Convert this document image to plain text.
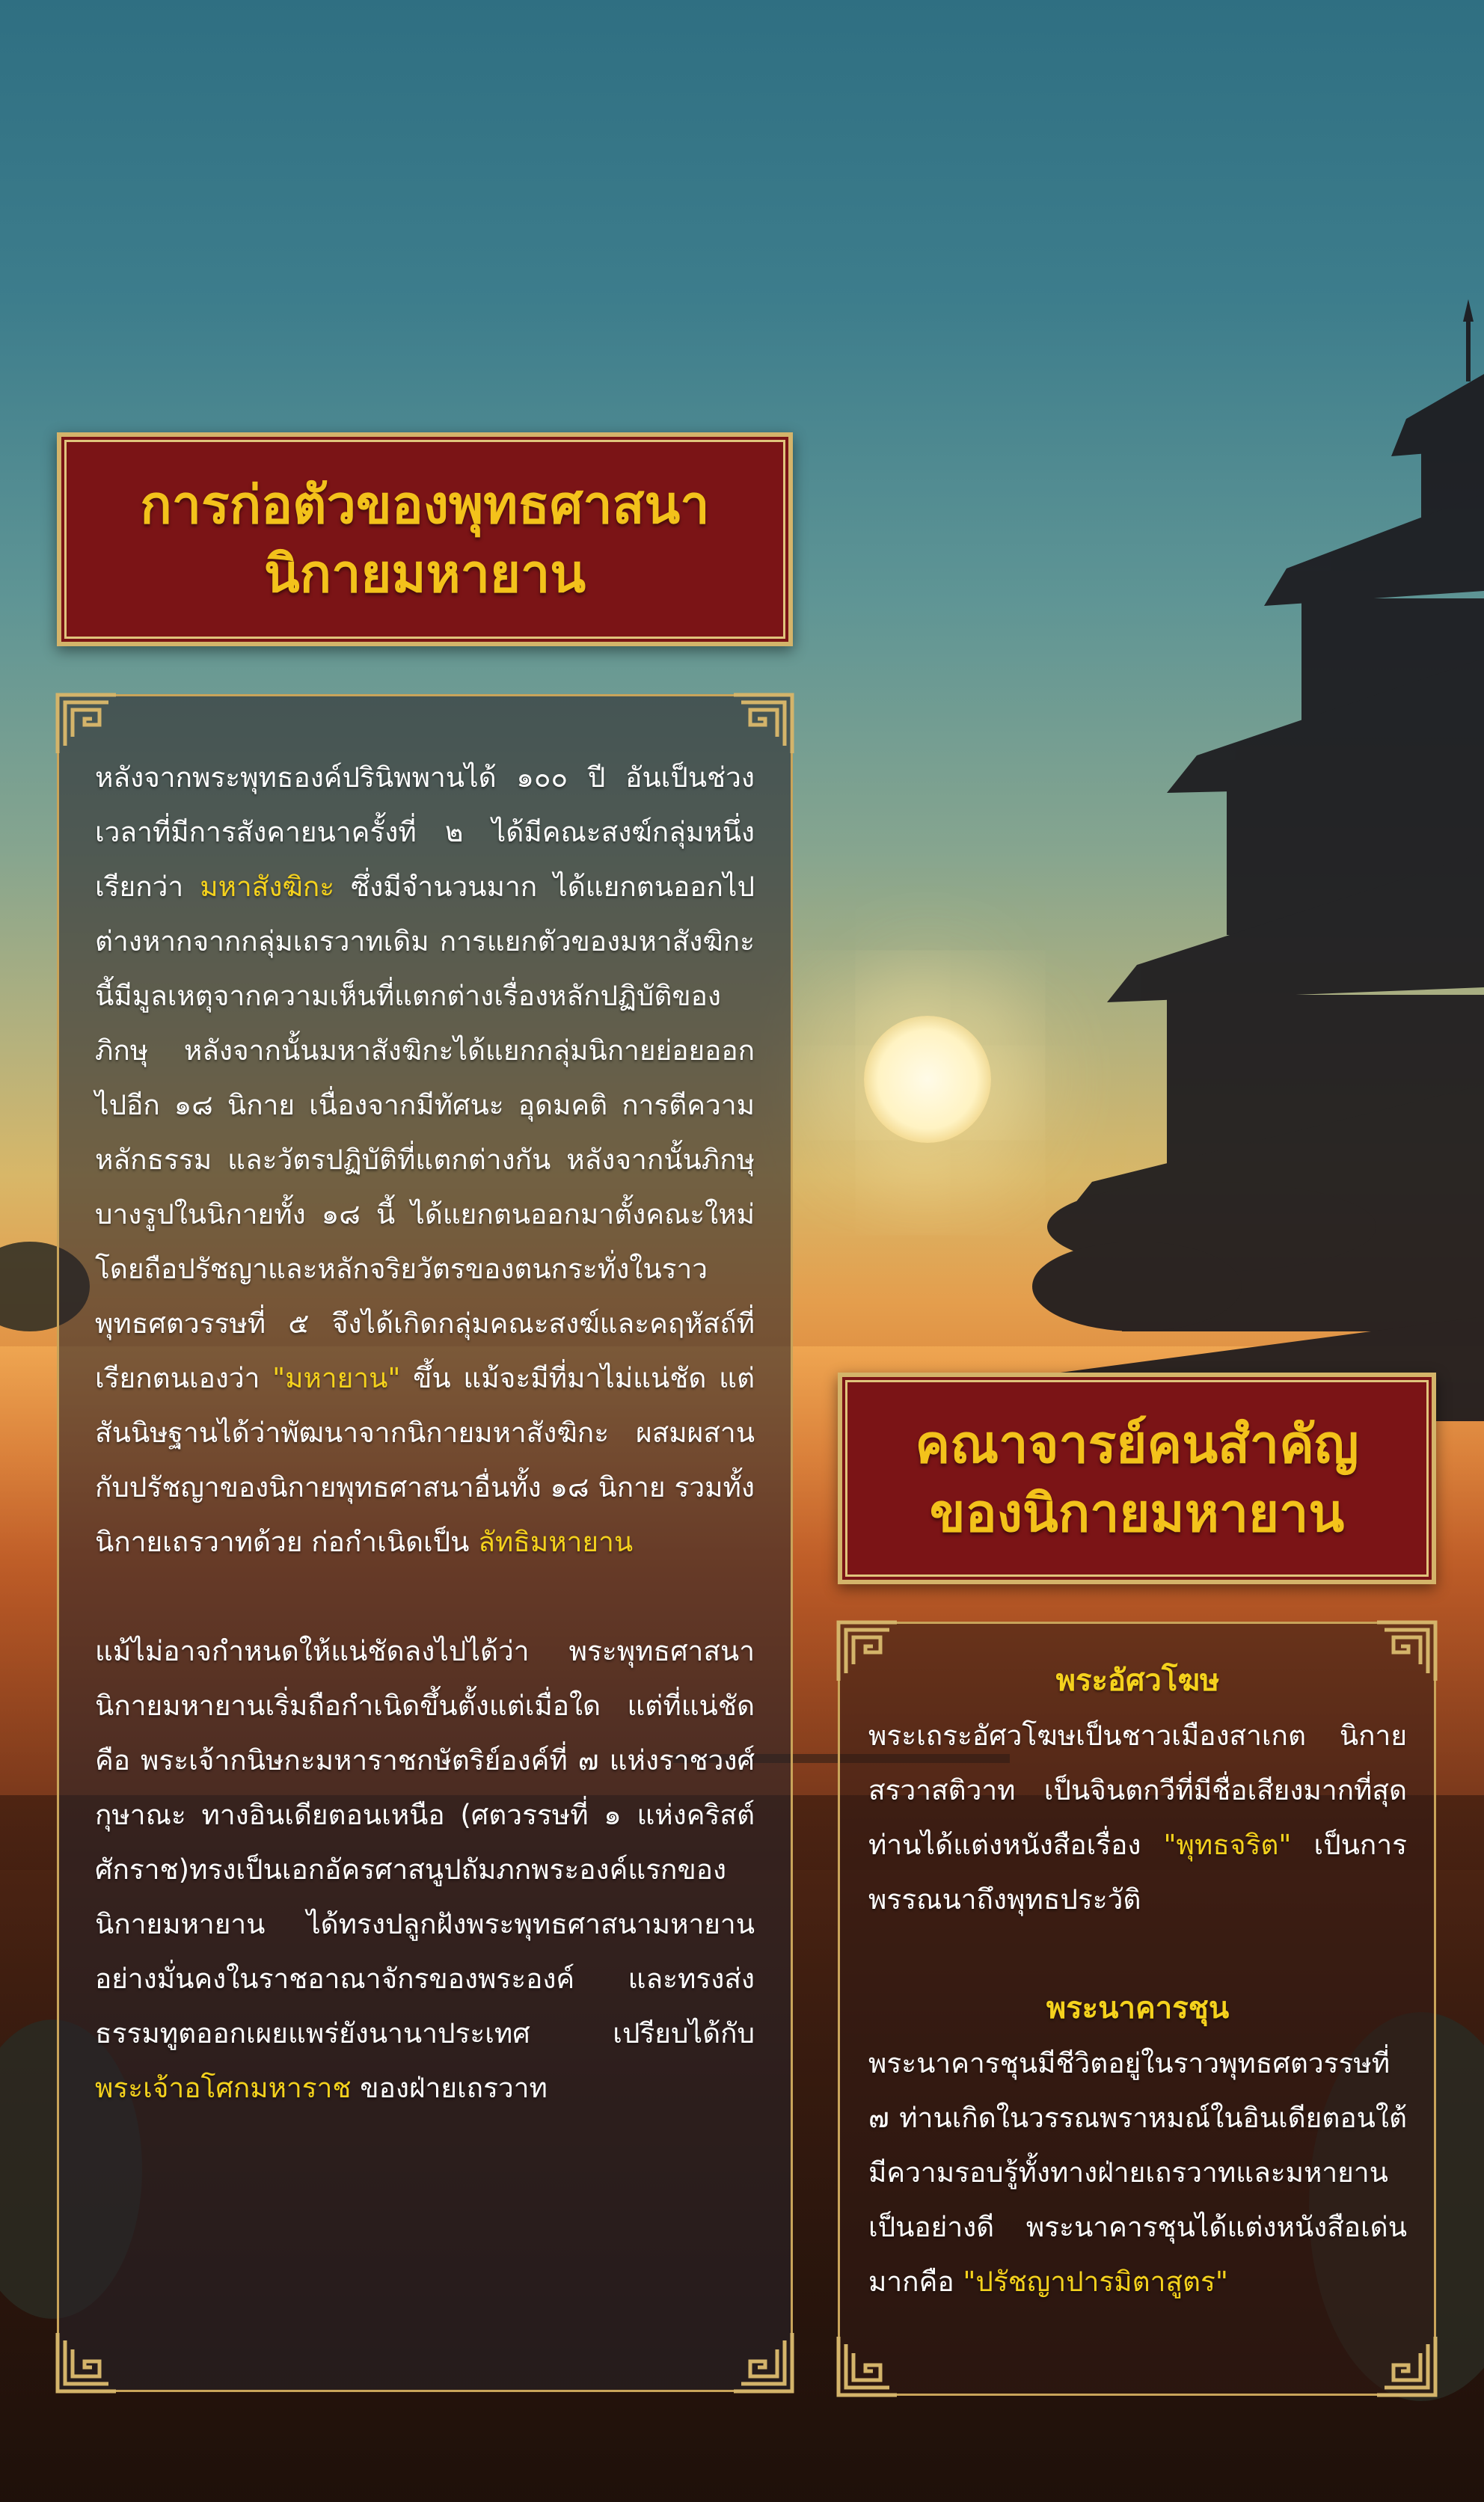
การก่อตัวของพุทธศาสนา
นิกายมหายาน

หลังจากพระพุทธองค์ปรินิพพานได้ ๑๐๐ ปี อันเป็นช่วงเวลาที่มีการสังคายนาครั้งที่ ๒ ได้มีคณะสงฆ์กลุ่มหนึ่งเรียกว่า มหาสังฆิกะ ซึ่งมีจำนวนมาก ได้แยกตนออกไปต่างหากจากกลุ่มเถรวาทเดิม การแยกตัวของมหาสังฆิกะนี้มีมูลเหตุจากความเห็นที่แตกต่างเรื่องหลักปฏิบัติของภิกษุ หลังจากนั้นมหาสังฆิกะได้แยกกลุ่มนิกายย่อยออกไปอีก ๑๘ นิกาย เนื่องจากมีทัศนะ อุดมคติ การตีความหลักธรรม และวัตรปฏิบัติที่แตกต่างกัน หลังจากนั้นภิกษุบางรูปในนิกายทั้ง ๑๘ นี้ ได้แยกตนออกมาตั้งคณะใหม่ โดยถือปรัชญาและหลักจริยวัตรของตนกระทั่งในราวพุทธศตวรรษที่ ๕ จึงได้เกิดกลุ่มคณะสงฆ์และคฤหัสถ์ที่เรียกตนเองว่า "มหายาน" ขึ้น แม้จะมีที่มาไม่แน่ชัด แต่สันนิษฐานได้ว่าพัฒนาจากนิกายมหาสังฆิกะ ผสมผสานกับปรัชญาของนิกายพุทธศาสนาอื่นทั้ง ๑๘ นิกาย รวมทั้งนิกายเถรวาทด้วย ก่อกำเนิดเป็น ลัทธิมหายาน

แม้ไม่อาจกำหนดให้แน่ชัดลงไปได้ว่า พระพุทธศาสนานิกายมหายานเริ่มถือกำเนิดขึ้นตั้งแต่เมื่อใด แต่ที่แน่ชัดคือ พระเจ้ากนิษกะมหาราชกษัตริย์องค์ที่ ๗ แห่งราชวงศ์กุษาณะ ทางอินเดียตอนเหนือ (ศตวรรษที่ ๑ แห่งคริสต์ศักราช)ทรงเป็นเอกอัครศาสนูปถัมภกพระองค์แรกของนิกายมหายาน ได้ทรงปลูกฝังพระพุทธศาสนามหายานอย่างมั่นคงในราชอาณาจักรของพระองค์ และทรงส่งธรรมทูตออกเผยแพร่ยังนานาประเทศ เปรียบได้กับพระเจ้าอโศกมหาราช ของฝ่ายเถรวาท

คณาจารย์คนสำคัญ
ของนิกายมหายาน
พระอัศวโฆษ

พระเถระอัศวโฆษเป็นชาวเมืองสาเกต นิกายสรวาสติวาท เป็นจินตกวีที่มีชื่อเสียงมากที่สุด ท่านได้แต่งหนังสือเรื่อง "พุทธจริต" เป็นการพรรณนาถึงพุทธประวัติ

พระนาคารชุน

พระนาคารชุนมีชีวิตอยู่ในราวพุทธศตวรรษที่ ๗ ท่านเกิดในวรรณพราหมณ์ในอินเดียตอนใต้ มีความรอบรู้ทั้งทางฝ่ายเถรวาทและมหายานเป็นอย่างดี พระนาคารชุนได้แต่งหนังสือเด่นมากคือ "ปรัชญาปารมิตาสูตร"
